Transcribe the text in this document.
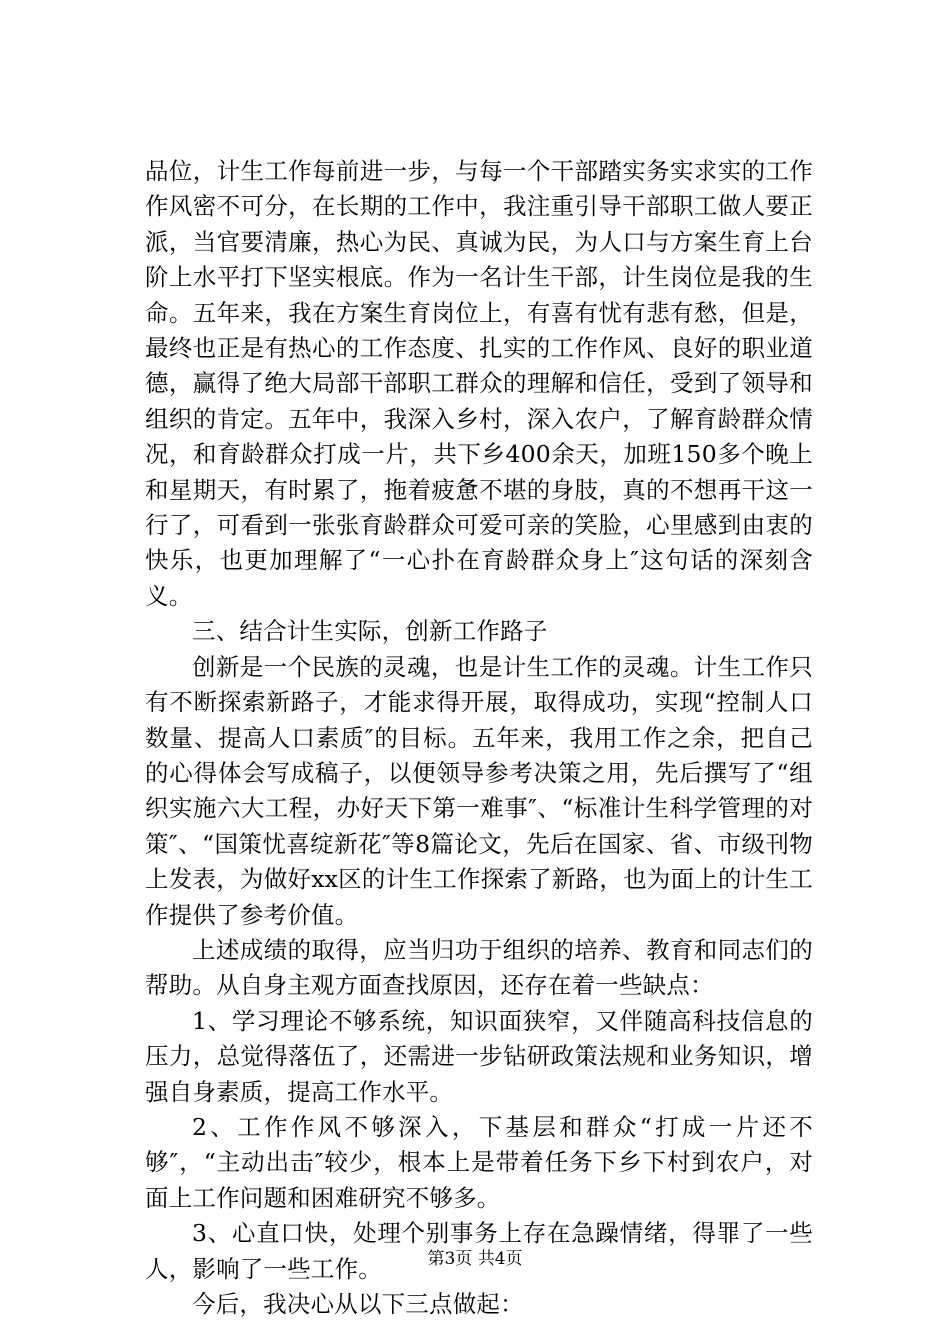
品位，计生工作每前进一步，与每一个干部踏实务实求实的工作作风密不可分，在长期的工作中，我注重引导干部职工做人要正派，当官要清廉，热心为民、真诚为民，为人口与方案生育上台阶上水平打下坚实根底。作为一名计生干部，计生岗位是我的生命。五年来，我在方案生育岗位上，有喜有忧有悲有愁，但是，最终也正是有热心的工作态度、扎实的工作作风、良好的职业道德，赢得了绝大局部干部职工群众的理解和信任，受到了领导和组织的肯定。五年中，我深入乡村，深入农户，了解育龄群众情况，和育龄群众打成一片，共下乡400余天，加班150多个晚上和星期天，有时累了，拖着疲惫不堪的身肢，真的不想再干这一行了，可看到一张张育龄群众可爱可亲的笑脸，心里感到由衷的快乐，也更加理解了“一心扑在育龄群众身上″这句话的深刻含义。

三、结合计生实际，创新工作路子

创新是一个民族的灵魂，也是计生工作的灵魂。计生工作只有不断探索新路子，才能求得开展，取得成功，实现“控制人口数量、提高人口素质″的目标。五年来，我用工作之余，把自己的心得体会写成稿子，以便领导参考决策之用，先后撰写了“组织实施六大工程，办好天下第一难事″、“标准计生科学管理的对策″、“国策忧喜绽新花″等8篇论文，先后在国家、省、市级刊物上发表，为做好xx区的计生工作探索了新路，也为面上的计生工作提供了参考价值。

上述成绩的取得，应当归功于组织的培养、教育和同志们的帮助。从自身主观方面查找原因，还存在着一些缺点：

1、学习理论不够系统，知识面狭窄，又伴随高科技信息的压力，总觉得落伍了，还需进一步钻研政策法规和业务知识，增强自身素质，提高工作水平。

2、工作作风不够深入，下基层和群众“打成一片还不够″，“主动出击″较少，根本上是带着任务下乡下村到农户，对面上工作问题和困难研究不够多。

3、心直口快，处理个别事务上存在急躁情绪，得罪了一些人，影响了一些工作。

今后，我决心从以下三点做起：

第3页 共4页
